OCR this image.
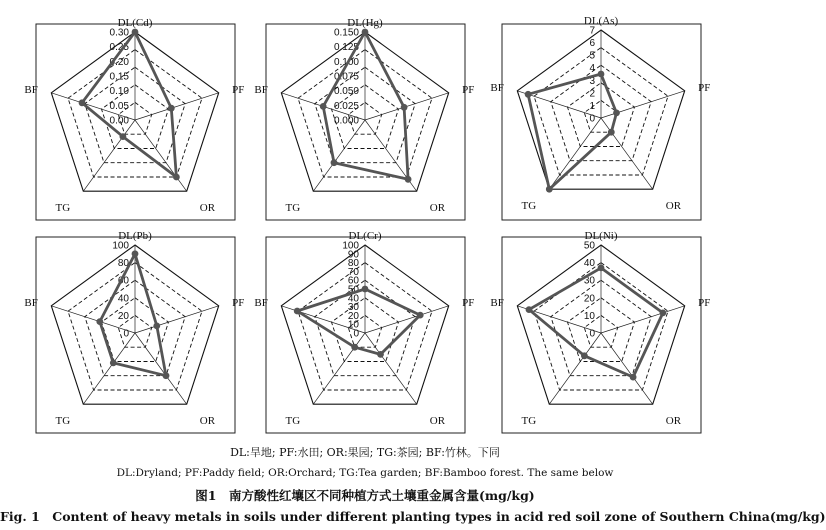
0.00
0.05
0.10
0.15
0.20
0.25
0.30
DL(Cd)
PF
OR
TG
BF
0.000
0.025
0.050
0.075
0.100
0.125
0.150
DL(Hg)
PF
OR
TG
BF
0
1
2
3
4
5
6
7
DL(As)
PF
OR
TG
BF
0
20
40
60
80
100
DL(Pb)
PF
OR
TG
BF
0
10
20
30
40
50
60
70
80
90
100
DL(Cr)
PF
OR
TG
BF
0
10
20
30
40
50
DL(Ni)
PF
OR
TG
BF
DL:旱地; PF:水田; OR:果园; TG:茶园; BF:竹林。下同
DL:Dryland; PF:Paddy field; OR:Orchard; TG:Tea garden; BF:Bamboo forest. The same below
图1　南方酸性红壤区不同种植方式土壤重金属含量(mg/kg)
Fig. 1　Content of heavy metals in soils under different planting types in acid red soil zone of Southern China(mg/kg)
